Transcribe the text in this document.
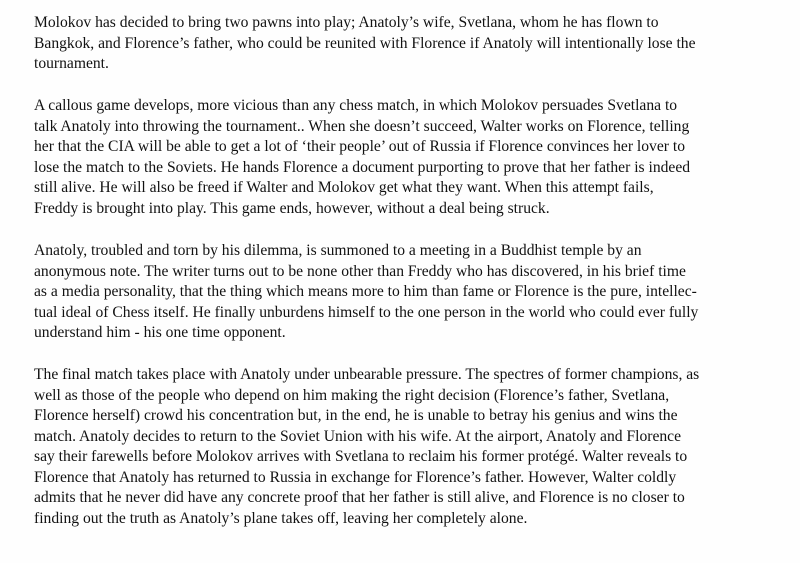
Molokov has decided to bring two pawns into play; Anatoly’s wife, Svetlana, whom he has flown to
Bangkok, and Florence’s father, who could be reunited with Florence if Anatoly will intentionally lose the
tournament.

A callous game develops, more vicious than any chess match, in which Molokov persuades Svetlana to
talk Anatoly into throwing the tournament.. When she doesn’t succeed, Walter works on Florence, telling
her that the CIA will be able to get a lot of ‘their people’ out of Russia if Florence convinces her lover to
lose the match to the Soviets. He hands Florence a document purporting to prove that her father is indeed
still alive. He will also be freed if Walter and Molokov get what they want. When this attempt fails,
Freddy is brought into play. This game ends, however, without a deal being struck.

Anatoly, troubled and torn by his dilemma, is summoned to a meeting in a Buddhist temple by an
anonymous note. The writer turns out to be none other than Freddy who has discovered, in his brief time
as a media personality, that the thing which means more to him than fame or Florence is the pure, intellec-
tual ideal of Chess itself. He finally unburdens himself to the one person in the world who could ever fully
understand him - his one time opponent.

The final match takes place with Anatoly under unbearable pressure. The spectres of former champions, as
well as those of the people who depend on him making the right decision (Florence’s father, Svetlana,
Florence herself) crowd his concentration but, in the end, he is unable to betray his genius and wins the
match. Anatoly decides to return to the Soviet Union with his wife. At the airport, Anatoly and Florence
say their farewells before Molokov arrives with Svetlana to reclaim his former protégé. Walter reveals to
Florence that Anatoly has returned to Russia in exchange for Florence’s father. However, Walter coldly
admits that he never did have any concrete proof that her father is still alive, and Florence is no closer to
finding out the truth as Anatoly’s plane takes off, leaving her completely alone.
